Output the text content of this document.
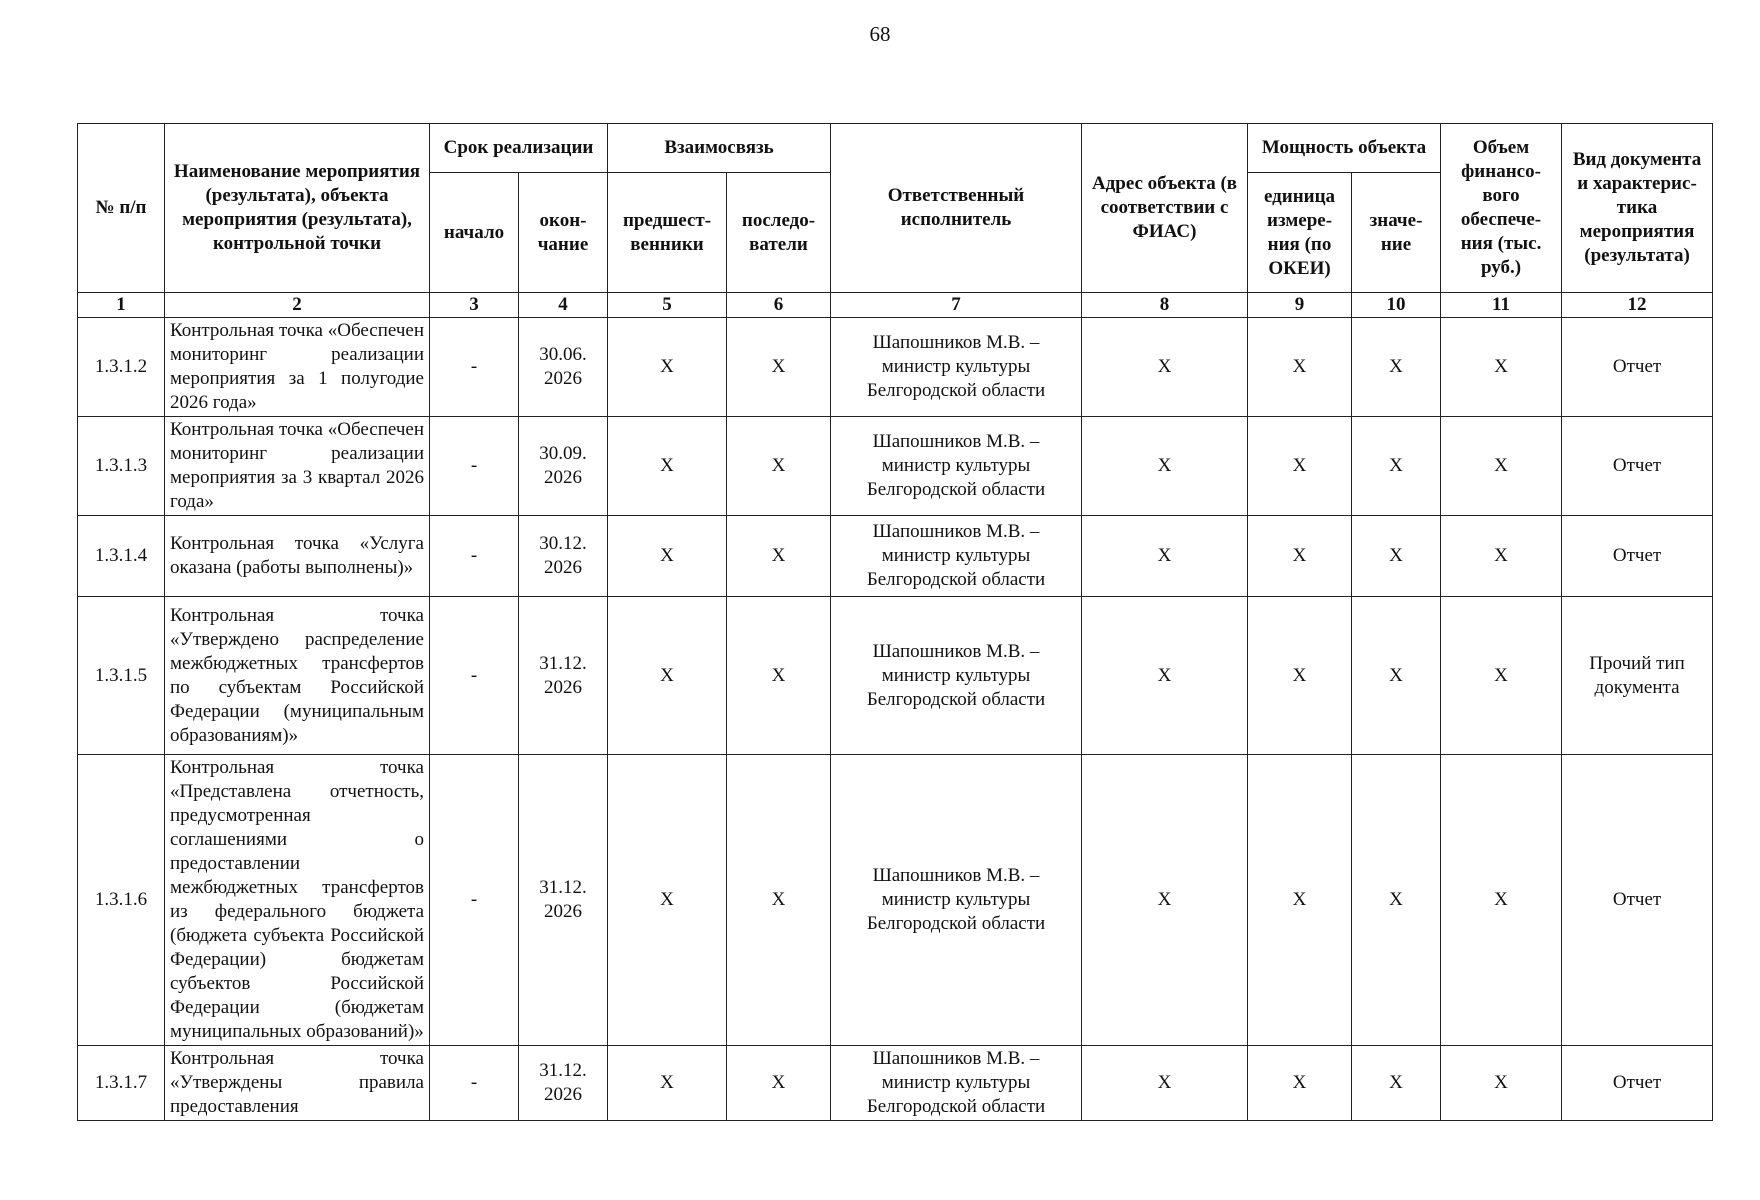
68
№ п/п	Наименование мероприятия (результата), объекта мероприятия (результата), контрольной точки	Срок реализации		Взаимосвязь		Ответственный исполнитель	Адрес объекта (в соответствии с ФИАС)	Мощность объекта		Объем финансо-вого обеспече-ния (тыс. руб.)	Вид документа и характерис-тика мероприятия (результата)
		начало	окон-чание	предшест-венники	последо-ватели			единица измере-ния (по ОКЕИ)	значе-ние		
1	2	3	4	5	6	7	8	9	10	11	12
1.3.1.2	Контрольная точка «Обеспечен мониторинг реализации мероприятия за 1 полугодие 2026 года»	-	30.06. 2026	X	X	Шапошников М.В. – министр культуры Белгородской области	X	X	X	X	Отчет
1.3.1.3	Контрольная точка «Обеспечен мониторинг реализации мероприятия за 3 квартал 2026 года»	-	30.09. 2026	X	X	Шапошников М.В. – министр культуры Белгородской области	X	X	X	X	Отчет
1.3.1.4	Контрольная точка «Услуга оказана (работы выполнены)»	-	30.12. 2026	X	X	Шапошников М.В. – министр культуры Белгородской области	X	X	X	X	Отчет
1.3.1.5	Контрольная точка «Утверждено распределение межбюджетных трансфертов по субъектам Российской Федерации (муниципальным образованиям)»	-	31.12. 2026	X	X	Шапошников М.В. – министр культуры Белгородской области	X	X	X	X	Прочий тип документа
1.3.1.6	Контрольная точка «Представлена отчетность, предусмотренная соглашениями о предоставлении межбюджетных трансфертов из федерального бюджета (бюджета субъекта Российской Федерации) бюджетам субъектов Российской Федерации (бюджетам муниципальных образований)»	-	31.12. 2026	X	X	Шапошников М.В. – министр культуры Белгородской области	X	X	X	X	Отчет
1.3.1.7	Контрольная точка «Утверждены правила предоставления	-	31.12. 2026	X	X	Шапошников М.В. – министр культуры Белгородской области	X	X	X	X	Отчет
